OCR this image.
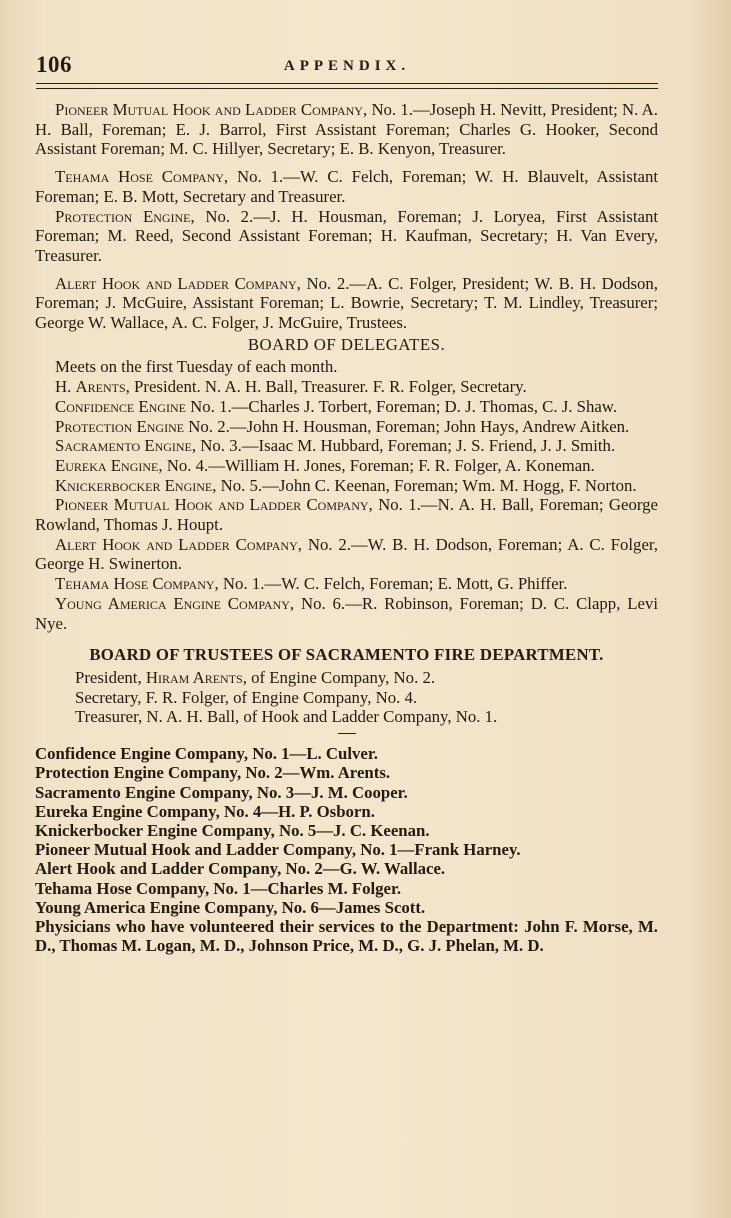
106	APPENDIX.

Pioneer Mutual Hook and Ladder Company, No. 1.—Joseph H. Nevitt, President; N. A. H. Ball, Foreman; E. J. Barrol, First Assistant Foreman; Charles G. Hooker, Second Assistant Foreman; M. C. Hillyer, Secretary; E. B. Kenyon, Treasurer.

Tehama Hose Company, No. 1.—W. C. Felch, Foreman; W. H. Blauvelt, Assistant Foreman; E. B. Mott, Secretary and Treasurer.

Protection Engine, No. 2.—J. H. Housman, Foreman; J. Loryea, First Assistant Foreman; M. Reed, Second Assistant Foreman; H. Kaufman, Secretary; H. Van Every, Treasurer.

Alert Hook and Ladder Company, No. 2.—A. C. Folger, President; W. B. H. Dodson, Foreman; J. McGuire, Assistant Foreman; L. Bowrie, Secretary; T. M. Lindley, Treasurer; George W. Wallace, A. C. Folger, J. McGuire, Trustees.

BOARD OF DELEGATES.

Meets on the first Tuesday of each month.

H. Arents, President. N. A. H. Ball, Treasurer. F. R. Folger, Secretary.

Confidence Engine No. 1.—Charles J. Torbert, Foreman; D. J. Thomas, C. J. Shaw.

Protection Engine No. 2.—John H. Housman, Foreman; John Hays, Andrew Aitken.

Sacramento Engine, No. 3.—Isaac M. Hubbard, Foreman; J. S. Friend, J. J. Smith.

Eureka Engine, No. 4.—William H. Jones, Foreman; F. R. Folger, A. Koneman.

Knickerbocker Engine, No. 5.—John C. Keenan, Foreman; Wm. M. Hogg, F. Norton.

Pioneer Mutual Hook and Ladder Company, No. 1.—N. A. H. Ball, Foreman; George Rowland, Thomas J. Houpt.

Alert Hook and Ladder Company, No. 2.—W. B. H. Dodson, Foreman; A. C. Folger, George H. Swinerton.

Tehama Hose Company, No. 1.—W. C. Felch, Foreman; E. Mott, G. Phiffer.

Young America Engine Company, No. 6.—R. Robinson, Foreman; D. C. Clapp, Levi Nye.

BOARD OF TRUSTEES OF SACRAMENTO FIRE DEPARTMENT.

President, Hiram Arents, of Engine Company, No. 2.

Secretary, F. R. Folger, of Engine Company, No. 4.

Treasurer, N. A. H. Ball, of Hook and Ladder Company, No. 1.

Confidence Engine Company, No. 1—L. Culver.

Protection Engine Company, No. 2—Wm. Arents.

Sacramento Engine Company, No. 3—J. M. Cooper.

Eureka Engine Company, No. 4—H. P. Osborn.

Knickerbocker Engine Company, No. 5—J. C. Keenan.

Pioneer Mutual Hook and Ladder Company, No. 1—Frank Harney.

Alert Hook and Ladder Company, No. 2—G. W. Wallace.

Tehama Hose Company, No. 1—Charles M. Folger.

Young America Engine Company, No. 6—James Scott.

Physicians who have volunteered their services to the Department: John F. Morse, M. D., Thomas M. Logan, M. D., Johnson Price, M. D., G. J. Phelan, M. D.
